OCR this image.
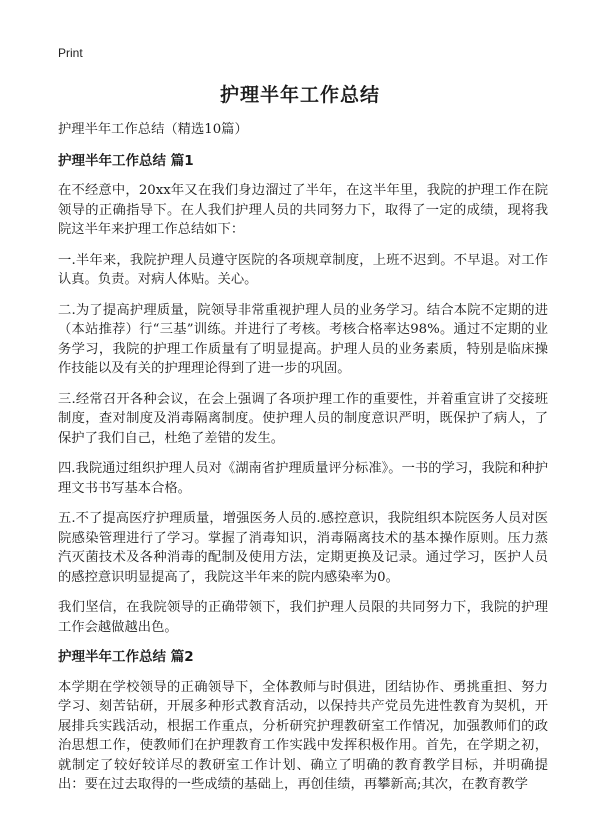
Print
护理半年工作总结
护理半年工作总结（精选10篇）
护理半年工作总结 篇1

在不经意中，20xx年又在我们身边溜过了半年，在这半年里，我院的护理工作在院领导的正确指导下。在人我们护理人员的共同努力下，取得了一定的成绩，现将我院这半年来护理工作总结如下：

一.半年来，我院护理人员遵守医院的各项规章制度，上班不迟到。不早退。对工作认真。负责。对病人体贴。关心。

二.为了提高护理质量，院领导非常重视护理人员的业务学习。结合本院不定期的进（本站推荐）行“三基”训练。并进行了考核。考核合格率达98%。通过不定期的业务学习，我院的护理工作质量有了明显提高。护理人员的业务素质，特别是临床操作技能以及有关的护理理论得到了进一步的巩固。

三.经常召开各种会议，在会上强调了各项护理工作的重要性，并着重宣讲了交接班制度，查对制度及消毒隔离制度。使护理人员的制度意识严明，既保护了病人，了保护了我们自己，杜绝了差错的发生。

四.我院通过组织护理人员对《湖南省护理质量评分标准》。一书的学习，我院和种护理文书书写基本合格。

五.不了提高医疗护理质量，增强医务人员的.感控意识，我院组织本院医务人员对医院感染管理进行了学习。掌握了消毒知识，消毒隔离技术的基本操作原则。压力蒸汽灭菌技术及各种消毒的配制及使用方法，定期更换及记录。通过学习，医护人员的感控意识明显提高了，我院这半年来的院内感染率为0。

我们坚信，在我院领导的正确带领下，我们护理人员限的共同努力下，我院的护理工作会越做越出色。

护理半年工作总结 篇2

本学期在学校领导的正确领导下，全体教师与时俱进，团结协作、勇挑重担、努力学习、刻苦钻研，开展多种形式教育活动，以保持共产党员先进性教育为契机，开展排兵实践活动，根据工作重点，分析研究护理教研室工作情况，加强教师们的政治思想工作，使教师们在护理教育工作实践中发挥积极作用。首先，在学期之初，就制定了较好较详尽的教研室工作计划、确立了明确的教育教学目标，并明确提出：要在过去取得的一些成绩的基础上，再创佳绩，再攀新高;其次，在教育教学
